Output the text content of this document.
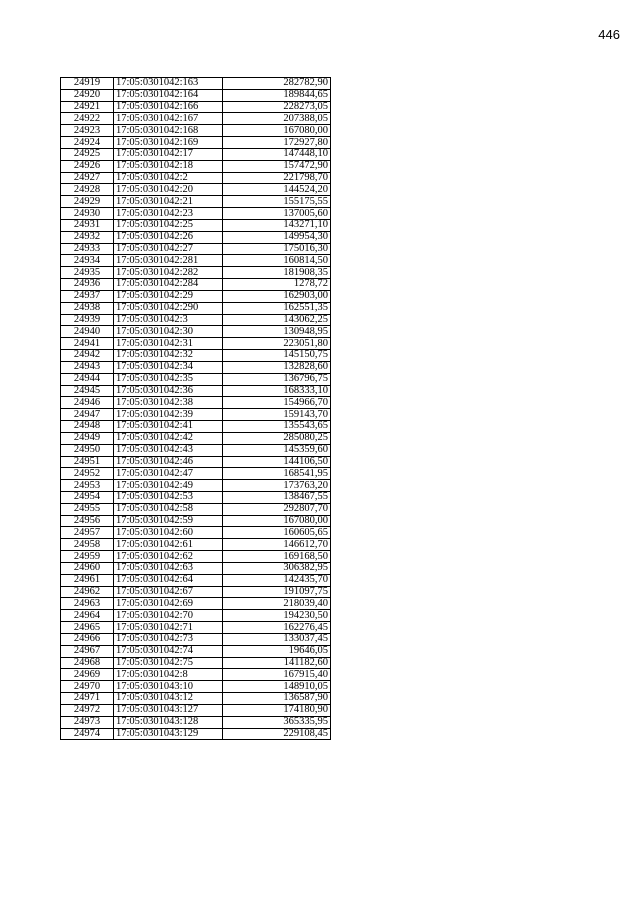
446
24919	17:05:0301042:163	282782,90
24920	17:05:0301042:164	189844,65
24921	17:05:0301042:166	228273,05
24922	17:05:0301042:167	207388,05
24923	17:05:0301042:168	167080,00
24924	17:05:0301042:169	172927,80
24925	17:05:0301042:17	147448,10
24926	17:05:0301042:18	157472,90
24927	17:05:0301042:2	221798,70
24928	17:05:0301042:20	144524,20
24929	17:05:0301042:21	155175,55
24930	17:05:0301042:23	137005,60
24931	17:05:0301042:25	143271,10
24932	17:05:0301042:26	149954,30
24933	17:05:0301042:27	175016,30
24934	17:05:0301042:281	160814,50
24935	17:05:0301042:282	181908,35
24936	17:05:0301042:284	1278,72
24937	17:05:0301042:29	162903,00
24938	17:05:0301042:290	162551,35
24939	17:05:0301042:3	143062,25
24940	17:05:0301042:30	130948,95
24941	17:05:0301042:31	223051,80
24942	17:05:0301042:32	145150,75
24943	17:05:0301042:34	132828,60
24944	17:05:0301042:35	136796,75
24945	17:05:0301042:36	168333,10
24946	17:05:0301042:38	154966,70
24947	17:05:0301042:39	159143,70
24948	17:05:0301042:41	135543,65
24949	17:05:0301042:42	285080,25
24950	17:05:0301042:43	145359,60
24951	17:05:0301042:46	144106,50
24952	17:05:0301042:47	168541,95
24953	17:05:0301042:49	173763,20
24954	17:05:0301042:53	138467,55
24955	17:05:0301042:58	292807,70
24956	17:05:0301042:59	167080,00
24957	17:05:0301042:60	160605,65
24958	17:05:0301042:61	146612,70
24959	17:05:0301042:62	169168,50
24960	17:05:0301042:63	306382,95
24961	17:05:0301042:64	142435,70
24962	17:05:0301042:67	191097,75
24963	17:05:0301042:69	218039,40
24964	17:05:0301042:70	194230,50
24965	17:05:0301042:71	162276,45
24966	17:05:0301042:73	133037,45
24967	17:05:0301042:74	19646,05
24968	17:05:0301042:75	141182,60
24969	17:05:0301042:8	167915,40
24970	17:05:0301043:10	148910,05
24971	17:05:0301043:12	136587,90
24972	17:05:0301043:127	174180,90
24973	17:05:0301043:128	365335,95
24974	17:05:0301043:129	229108,45
